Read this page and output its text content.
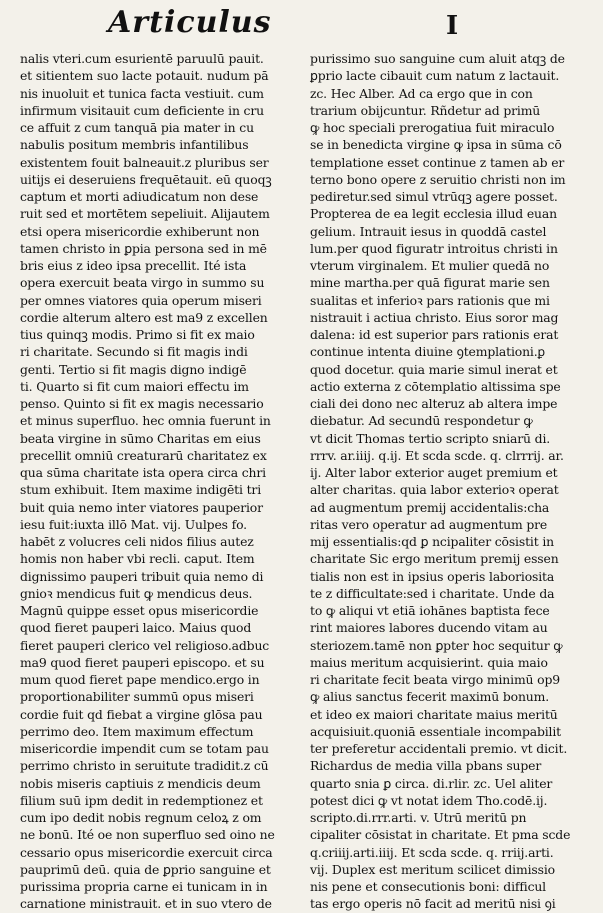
Articulus	I
nalis vteri.cum esurientē paruulū pauit.
et sitientem suo lacte potauit. nudum pā
nis inuoluit et tunica facta vestiuit. cum
infirmum visitauit cum deficiente in cru
ce affuit z cum tanquā pia mater in cu
nabulis positum membris infantilibus
existentem fouit balneauit.z pluribus ser
uitijs ei deseruiens frequētauit. eū quoqꝫ
captum et morti adiudicatum non dese
ruit sed et mortētem sepeliuit. Alijautem
etsi opera misericordie exhiberunt non
tamen christo in ꝑpia persona sed in mē
bris eius z ideo ipsa precellit. Ité ista
opera exercuit beata virgo in summo su
per omnes viatores quia operum miseri
cordie alterum altero est ma9 z excellen
tius quinqꝫ modis. Primo si fit ex maio
ri charitate. Secundo si fit magis indi
genti. Tertio si fit magis digno indigē
ti. Quarto si fit cum maiori effectu im
penso. Quinto si fit ex magis necessario
et minus superfluo. hec omnia fuerunt in
beata virgine in sūmo Charitas em eius
precellit omniū creaturarū charitatez ex
qua sūma charitate ista opera circa chri
stum exhibuit. Item maxime indigēti tri
buit quia nemo inter viatores pauperior
iesu fuit:iuxta illō Mat. vij. Uulpes fo.
habēt z volucres celi nidos filius autez
homis non haber vbi recli. caput. Item
dignissimo pauperi tribuit quia nemo di
gnioꝛ mendicus fuit ꝙ mendicus deus.
Magnū quippe esset opus misericordie
quod fieret pauperi laico. Maius quod
fieret pauperi clerico vel religioso.adbuc
ma9 quod fieret pauperi episcopo. et su
mum quod fieret pape mendico.ergo in
proportionabiliter summū opus miseri
cordie fuit qd fiebat a virgine glōsa pau
perrimo deo. Item maximum effectum
misericordie impendit cum se totam pau
perrimo christo in seruitute tradidit.z cū
nobis miseris captiuis z mendicis deum
filium suū ipm dedit in redemptionez et
cum ipo dedit nobis regnum celoꝝ z om
ne bonū. Ité oe non superfluo sed oino ne
cessario opus misericordie exercuit circa
pauprimū deū. quia de ꝑprio sanguine et
purissima propria carne ei tunicam in in
carnatione ministrauit. et in suo vtero de
purissimo suo sanguine cum aluit atqꝫ de
ꝑprio lacte cibauit cum natum z lactauit.
zc. Hec Alber. Ad ca ergo que in con
trarium obijcuntur. Rñdetur ad primū
ꝙ hoc speciali prerogatiua fuit miraculo
se in benedicta virgine ꝙ ipsa in sūma cō
templatione esset continue z tamen ab er
terno bono opere z seruitio christi non im
pediretur.sed simul vtrūqꝫ agere posset.
Propterea de ea legit ecclesia illud euan
gelium. Intrauit iesus in quoddā castel
lum.per quod figuratr introitus christi in
vterum virginalem. Et mulier quedā no
mine martha.per quā figurat marie sen
sualitas et inferioꝛ pars rationis que mi
nistrauit i actiua christo. Eius soror mag
dalena: id est superior pars rationis erat
continue intenta diuine ꝯtemplationi.ꝑ
quod docetur. quia marie simul inerat et
actio externa z cōtemplatio altissima spe
ciali dei dono nec alteruz ab altera impe
diebatur. Ad secundū respondetur ꝙ
vt dicit Thomas tertio scripto sniarū di.
rrrv. ar.iiij. q.ij. Et scda scde. q. clrrrij. ar.
ij. Alter labor exterior auget premium et
alter charitas. quia labor exterioꝛ operat
ad augmentum premij accidentalis:cha
ritas vero operatur ad augmentum pre
mij essentialis:qd ꝑ ncipaliter cōsistit in
charitate Sic ergo meritum premij essen
tialis non est in ipsius operis laboriosita
te z difficultate:sed i charitate. Unde da
to ꝙ aliqui vt etiā iohānes baptista fece
rint maiores labores ducendo vitam au
steriozem.tamē non ꝑpter hoc sequitur ꝙ
maius meritum acquisierint. quia maio
ri charitate fecit beata virgo minimū op9
ꝙ alius sanctus fecerit maximū bonum.
et ideo ex maiori charitate maius meritū
acquisiuit.quoniā essentiale incompabilit
ter preferetur accidentali premio. vt dicit.
Richardus de media villa pbans super
quarto snia ꝑ circa. di.rlir. zc. Uel aliter
potest dici ꝙ vt notat idem Tho.codē.ij.
scripto.di.rrr.arti. v. Utrū meritū pn
cipaliter cōsistat in charitate. Et pma scde
q.criiij.arti.iiij. Et scda scde. q. rriij.arti.
vij. Duplex est meritum scilicet dimissio
nis pene et consecutionis boni: difficul
tas ergo operis nō facit ad meritū nisi ꝯi
